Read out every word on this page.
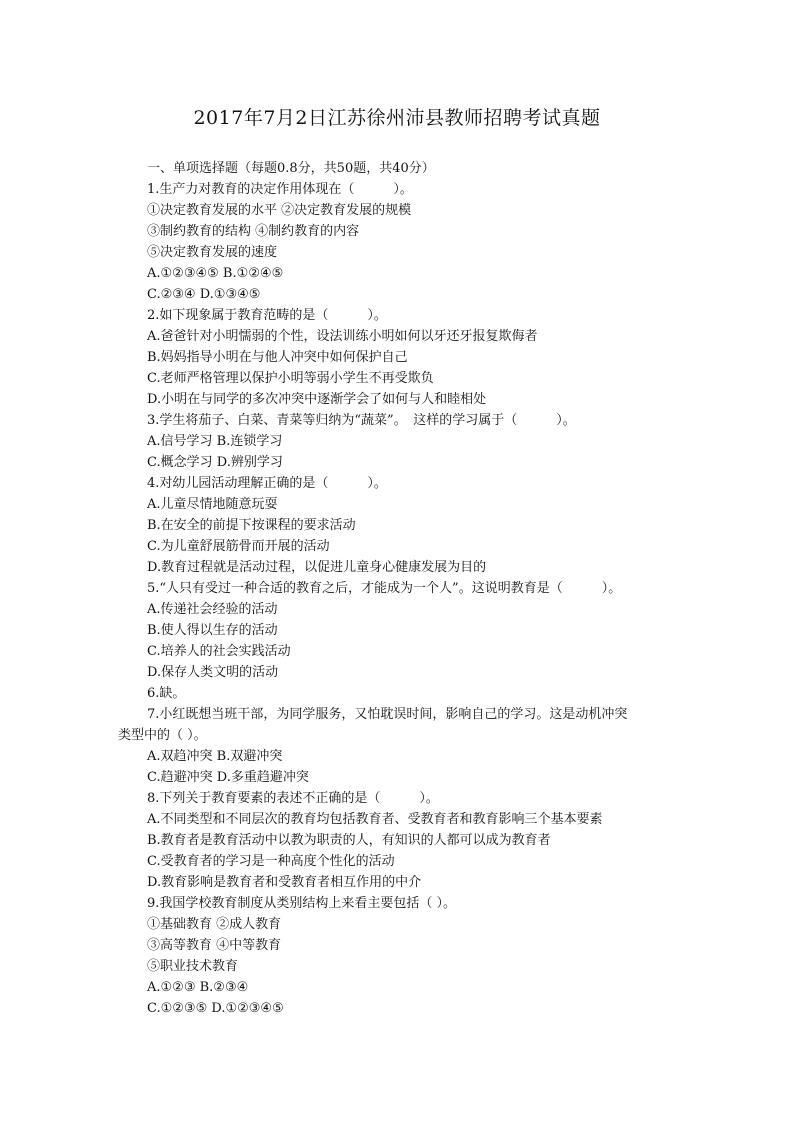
2017年7月2日江苏徐州沛县教师招聘考试真题
一、单项选择题（每题0.8分，共50题，共40分）
1.生产力对教育的决定作用体现在（　　　）。
①决定教育发展的水平 ②决定教育发展的规模
③制约教育的结构 ④制约教育的内容
⑤决定教育发展的速度
A.①②③④⑤ B.①②④⑤
C.②③④ D.①③④⑤
2.如下现象属于教育范畴的是（　　　）。
A.爸爸针对小明懦弱的个性，设法训练小明如何以牙还牙报复欺侮者
B.妈妈指导小明在与他人冲突中如何保护自己
C.老师严格管理以保护小明等弱小学生不再受欺负
D.小明在与同学的多次冲突中逐渐学会了如何与人和睦相处
3.学生将茄子、白菜、青菜等归纳为“蔬菜”。　这样的学习属于（　　　）。
A.信号学习 B.连锁学习
C.概念学习 D.辨别学习
4.对幼儿园活动理解正确的是（　　　）。
A.儿童尽情地随意玩耍
B.在安全的前提下按课程的要求活动
C.为儿童舒展筋骨而开展的活动
D.教育过程就是活动过程，以促进儿童身心健康发展为目的
5.“人只有受过一种合适的教育之后，才能成为一个人”。这说明教育是（　　　）。
A.传递社会经验的活动
B.使人得以生存的活动
C.培养人的社会实践活动
D.保存人类文明的活动
6.缺。
7.小红既想当班干部，为同学服务，又怕耽误时间，影响自己的学习。这是动机冲突
类型中的（ ）。
A.双趋冲突 B.双避冲突
C.趋避冲突 D.多重趋避冲突
8.下列关于教育要素的表述不正确的是（　　　）。
A.不同类型和不同层次的教育均包括教育者、受教育者和教育影响三个基本要素
B.教育者是教育活动中以教为职责的人，有知识的人都可以成为教育者
C.受教育者的学习是一种高度个性化的活动
D.教育影响是教育者和受教育者相互作用的中介
9.我国学校教育制度从类别结构上来看主要包括（ ）。
①基础教育 ②成人教育
③高等教育 ④中等教育
⑤职业技术教育
A.①②③ B.②③④
C.①②③⑤ D.①②③④⑤
